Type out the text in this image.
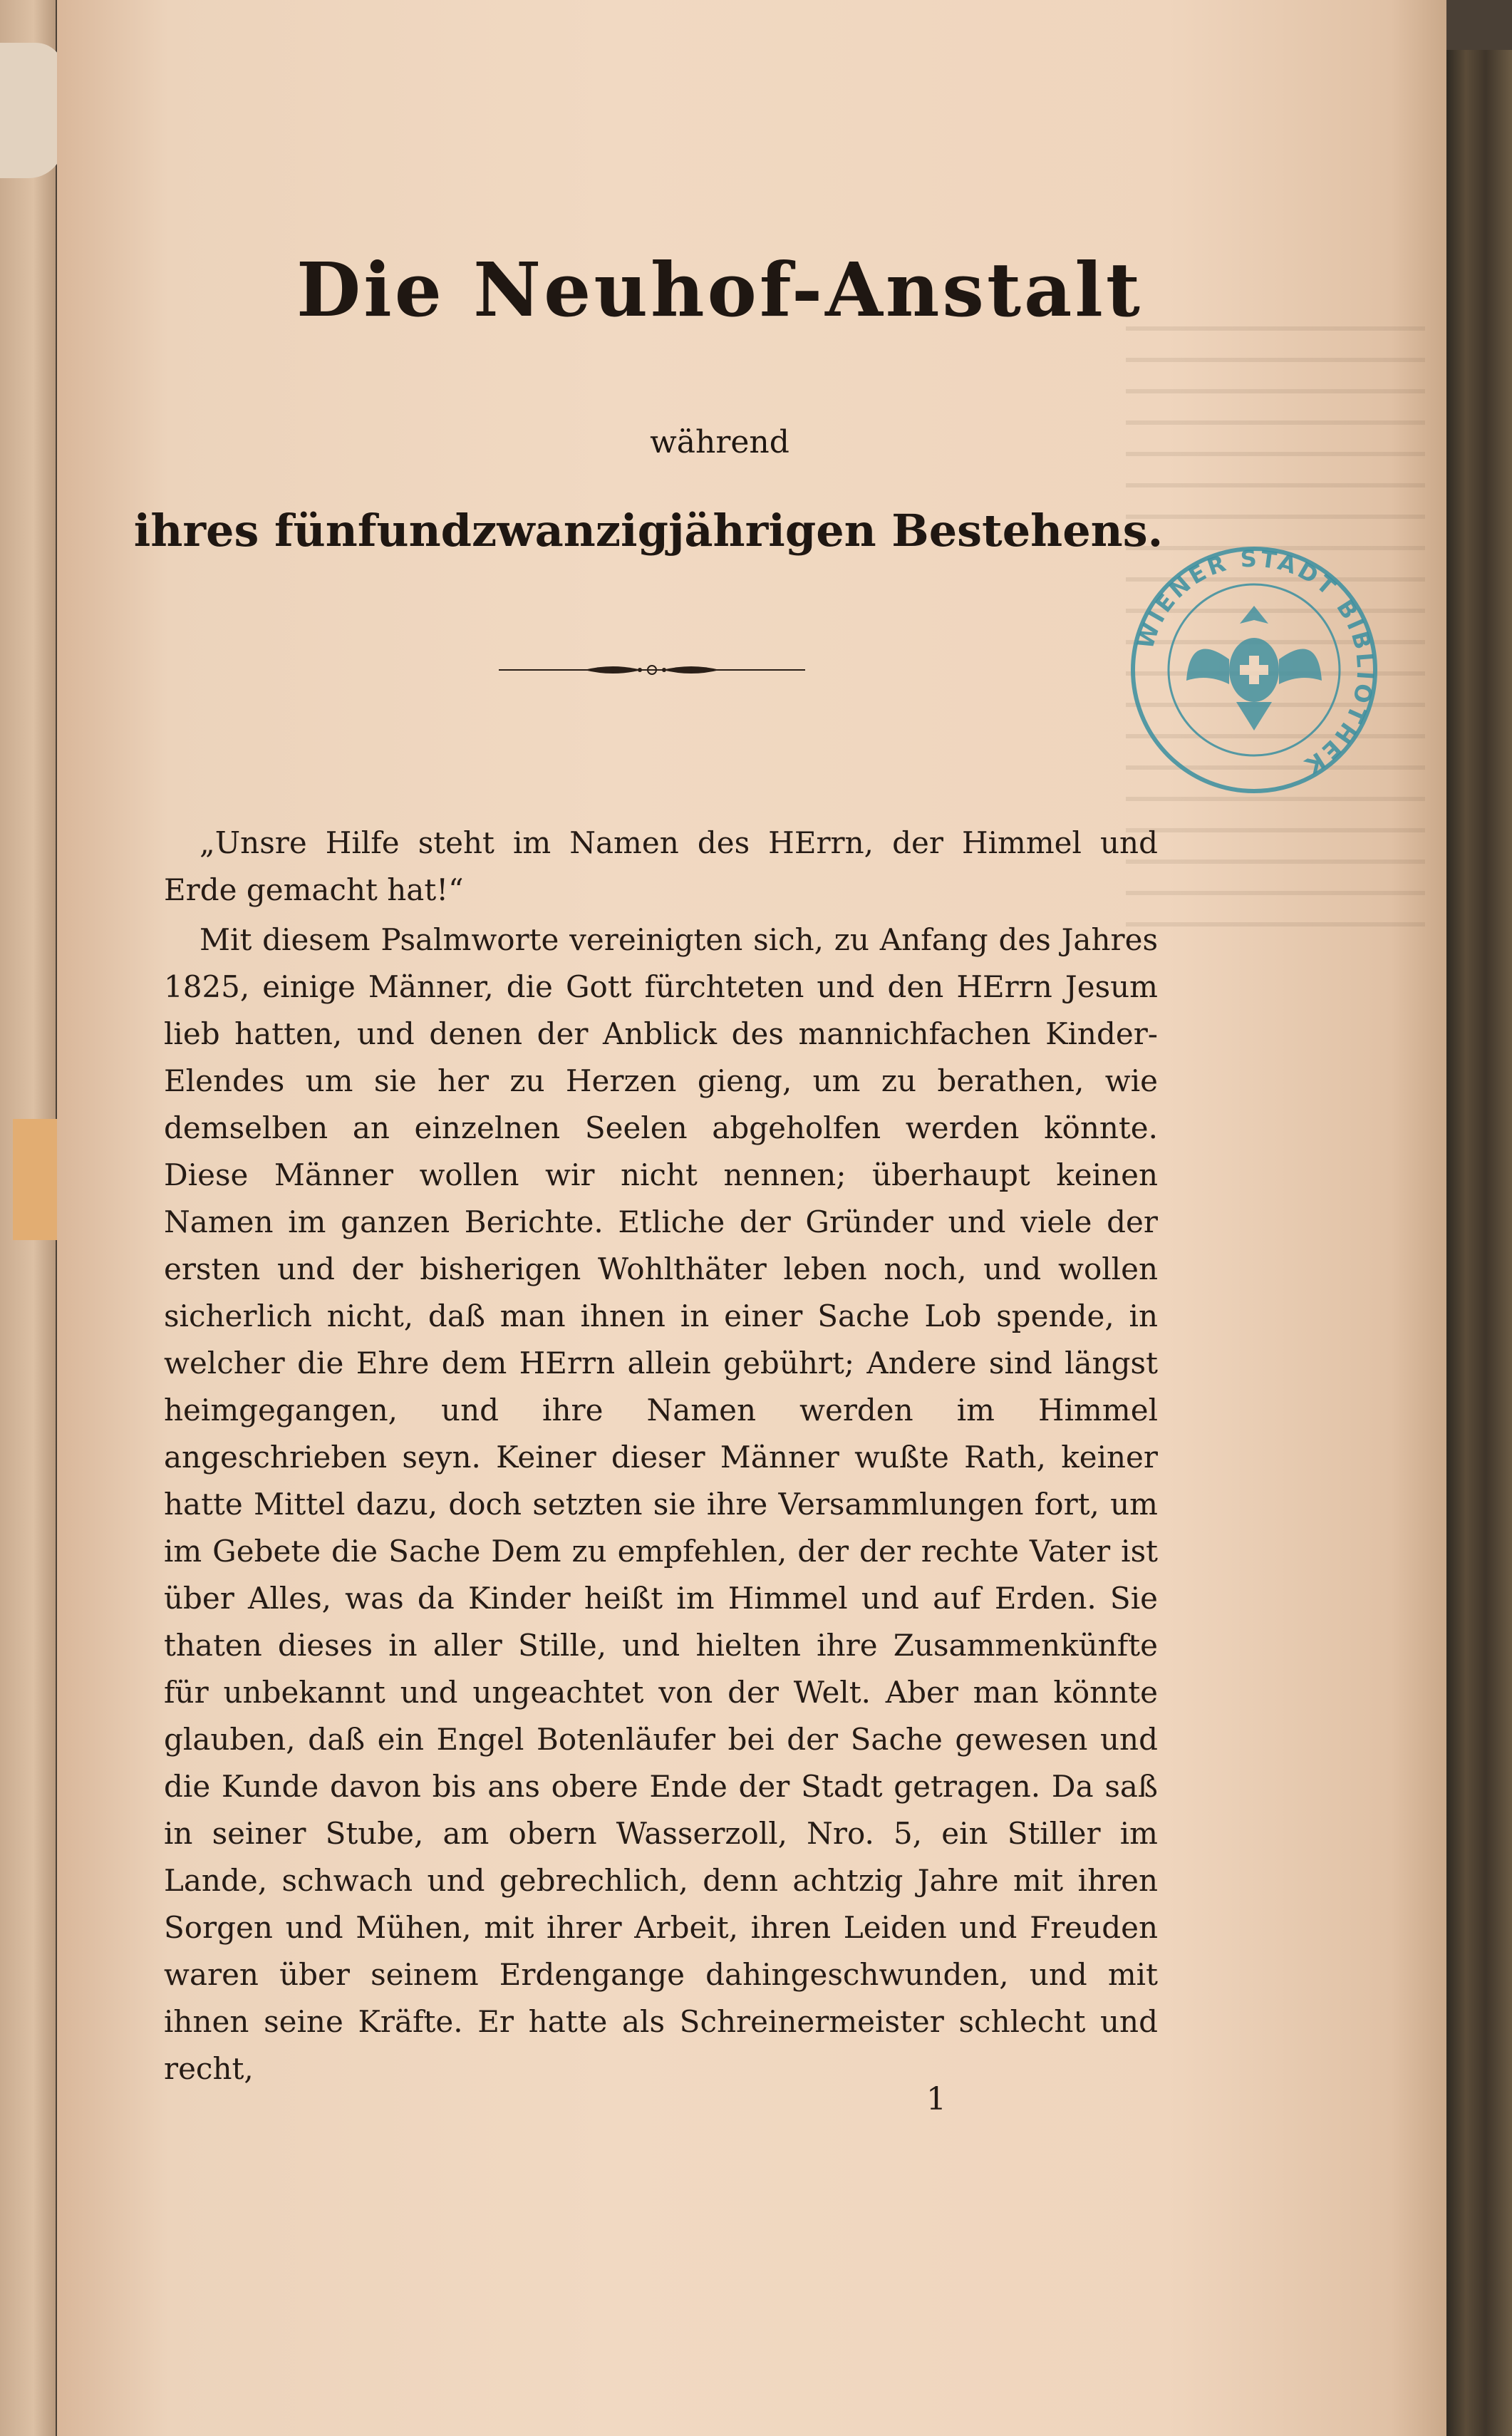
Die Neuhof-Anstalt
während
ihres fünfundzwanzigjährigen Bestehens.

„Unsre Hilfe steht im Namen des HErrn, der Himmel und Erde gemacht hat!“

Mit diesem Psalmworte vereinigten sich, zu Anfang des Jahres 1825, einige Männer, die Gott fürchteten und den HErrn Jesum lieb hatten, und denen der Anblick des mannichfachen Kinder-Elendes um sie her zu Herzen gieng, um zu berathen, wie demselben an einzelnen Seelen abgeholfen werden könnte. Diese Männer wollen wir nicht nennen; überhaupt keinen Namen im ganzen Berichte. Etliche der Gründer und viele der ersten und der bisherigen Wohlthäter leben noch, und wollen sicherlich nicht, daß man ihnen in einer Sache Lob spende, in welcher die Ehre dem HErrn allein gebührt; Andere sind längst heimgegangen, und ihre Namen werden im Himmel angeschrieben seyn. Keiner dieser Männer wußte Rath, keiner hatte Mittel dazu, doch setzten sie ihre Versammlungen fort, um im Gebete die Sache Dem zu empfehlen, der der rechte Vater ist über Alles, was da Kinder heißt im Himmel und auf Erden. Sie thaten dieses in aller Stille, und hielten ihre Zusammenkünfte für unbekannt und ungeachtet von der Welt. Aber man könnte glauben, daß ein Engel Botenläufer bei der Sache gewesen und die Kunde davon bis ans obere Ende der Stadt getragen. Da saß in seiner Stube, am obern Wasserzoll, Nro. 5, ein Stiller im Lande, schwach und gebrechlich, denn achtzig Jahre mit ihren Sorgen und Mühen, mit ihrer Arbeit, ihren Leiden und Freuden waren über seinem Erdengange dahingeschwunden, und mit ihnen seine Kräfte. Er hatte als Schreinermeister schlecht und recht,

1
WIENER STADT BIBLIOTHEK
